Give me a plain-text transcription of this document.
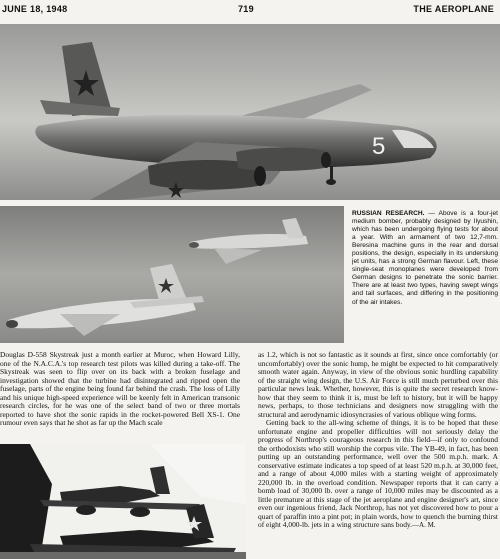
JUNE 18, 1948	719	THE AEROPLANE
5
RUSSIAN RESEARCH. — Above is a four-jet medium bomber, probably designed by Ilyushin, which has been undergoing flying tests for about a year. With an armament of two 12,7-mm. Beresina machine guns in the rear and dorsal positions, the design, especially in its underslung jet units, has a strong German flavour. Left, these single-seat monoplanes were developed from German designs to penetrate the sonic barrier. There are at least two types, having swept wings and tail surfaces, and differing in the positioning of the air intakes.

Douglas D-558 Skystreak just a month earlier at Muroc, when Howard Lilly, one of the N.A.C.A.'s top research test pilots was killed during a take-off. The Skystreak was seen to flip over on its back with a broken fuselage and investigation showed that the turbine had disintegrated and ripped open the fuselage, parts of the engine being found far behind the crash. The loss of Lilly and his unique high-speed experience will be keenly felt in American transonic research circles, for he was one of the select band of two or three mortals reported to have shot the sonic rapids in the rocket-powered Bell XS-1. One rumour even says that he shot as far up the Mach scale

as 1.2, which is not so fantastic as it sounds at first, since once comfortably (or uncomfortably) over the sonic hump, he might be expected to hit comparatively smooth water again. Anyway, in view of the obvious sonic hurdling capability of the straight wing design, the U.S. Air Force is still much perturbed over this particular news leak. Whether, however, this is quite the secret research know-how that they seem to think it is, must be left to history, but it will be happy news, perhaps, to those technicians and designers now struggling with the structural and aerodynamic idiosyncrasies of various oblique wing forms.

Getting back to the all-wing scheme of things, it is to be hoped that these unfortunate engine and propeller difficulties will not seriously delay the progress of Northrop's courageous research in this field—if only to confound the orthodoxists who still worship the corpus vile. The YB-49, in fact, has been putting up an outstanding performance, well over the 500 m.p.h. mark. A conservative estimate indicates a top speed of at least 520 m.p.h. at 30,000 feet, and a range of about 4,000 miles with a starting weight of approximately 220,000 lb. in the overload condition. Newspaper reports that it can carry a bomb load of 30,000 lb. over a range of 10,000 miles may be discounted as a little premature at this stage of the jet aeroplane and engine designer's art, since even our ingenious friend, Jack Northrop, has not yet discovered how to pour a quart of paraffin into a pint pot; in plain words, how to quench the burning thirst of eight 4,000-lb. jets in a wing structure sans body.—A. M.
